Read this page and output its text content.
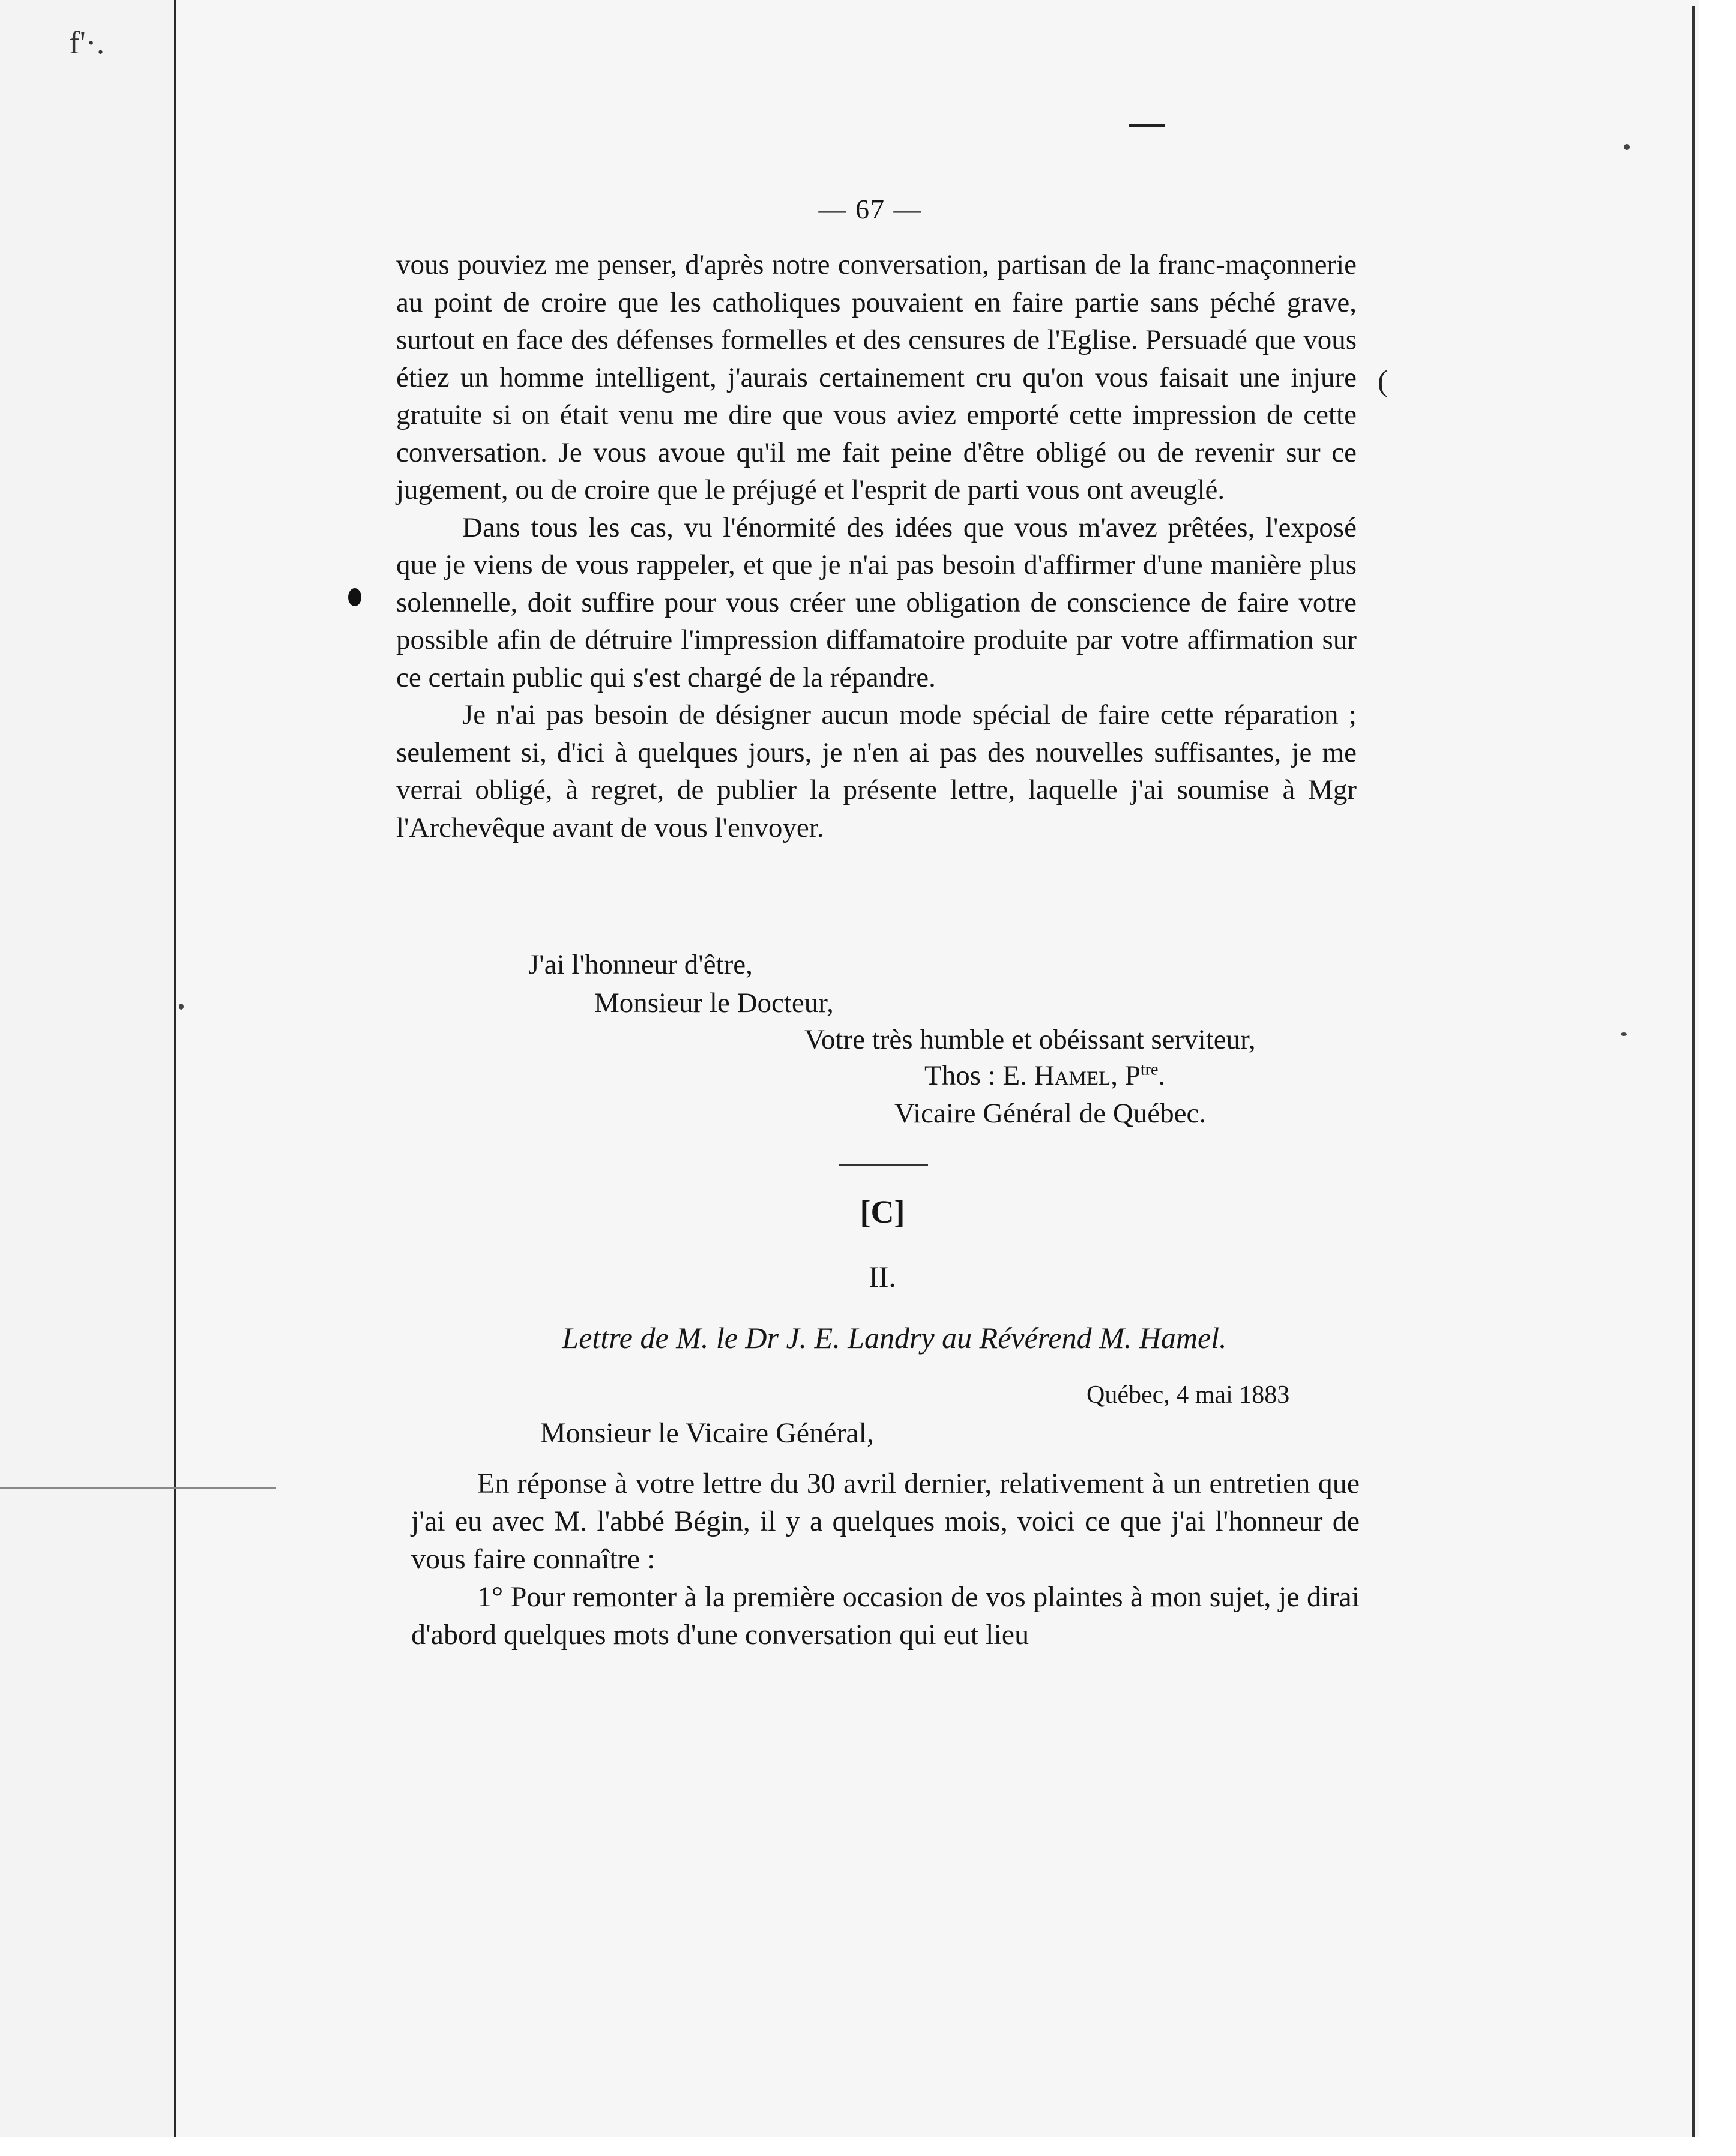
f'·.
— 67 —

vous pouviez me penser, d'après notre conversation, partisan de la franc-maçonnerie au point de croire que les catholiques pouvaient en faire partie sans péché grave, surtout en face des défenses formelles et des censures de l'Eglise. Persuadé que vous étiez un homme intelligent, j'aurais certainement cru qu'on vous faisait une injure gratuite si on était venu me dire que vous aviez emporté cette impression de cette conversation. Je vous avoue qu'il me fait peine d'être obligé ou de revenir sur ce jugement, ou de croire que le préjugé et l'esprit de parti vous ont aveuglé.

Dans tous les cas, vu l'énormité des idées que vous m'avez prêtées, l'exposé que je viens de vous rappeler, et que je n'ai pas besoin d'affirmer d'une manière plus solennelle, doit suffire pour vous créer une obligation de conscience de faire votre possible afin de détruire l'impression diffamatoire produite par votre affirmation sur ce certain public qui s'est chargé de la répandre.

Je n'ai pas besoin de désigner aucun mode spécial de faire cette réparation ; seulement si, d'ici à quelques jours, je n'en ai pas des nouvelles suffisantes, je me verrai obligé, à regret, de publier la présente lettre, laquelle j'ai soumise à Mgr l'Archevêque avant de vous l'envoyer.

J'ai l'honneur d'être,
Monsieur le Docteur,
Votre très humble et obéissant serviteur,
Thos : E. Hamel, $P^{tre}$.
Vicaire Général de Québec.
[C]
II.
Lettre de M. le Dr J. E. Landry au Révérend M. Hamel.
Québec, 4 mai 1883
Monsieur le Vicaire Général,

En réponse à votre lettre du 30 avril dernier, relativement à un entretien que j'ai eu avec M. l'abbé Bégin, il y a quelques mois, voici ce que j'ai l'honneur de vous faire connaître :

1° Pour remonter à la première occasion de vos plaintes à mon sujet, je dirai d'abord quelques mots d'une conversation qui eut lieu

(
